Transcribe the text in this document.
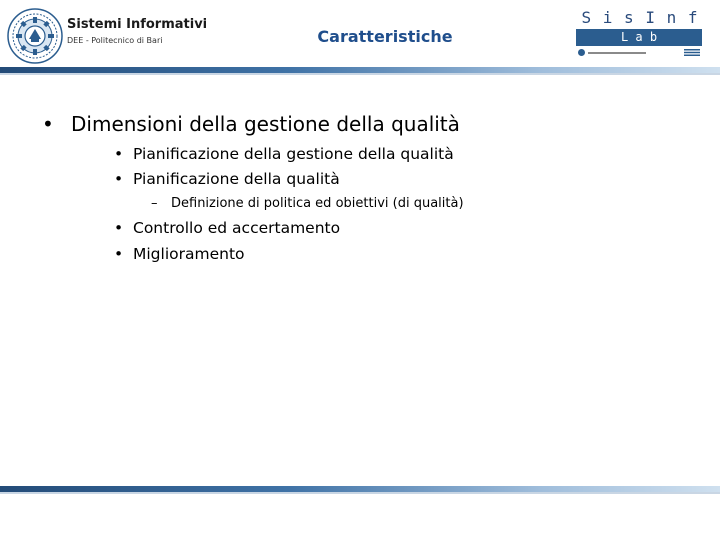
Sistemi Informativi
DEE - Politecnico di Bari	Caratteristiche
S i s I n f
L a b
• Dimensioni della gestione della qualità
• Pianificazione della gestione della qualità
• Pianificazione della qualità
– Definizione di politica ed obiettivi (di qualità)
• Controllo ed accertamento
• Miglioramento
